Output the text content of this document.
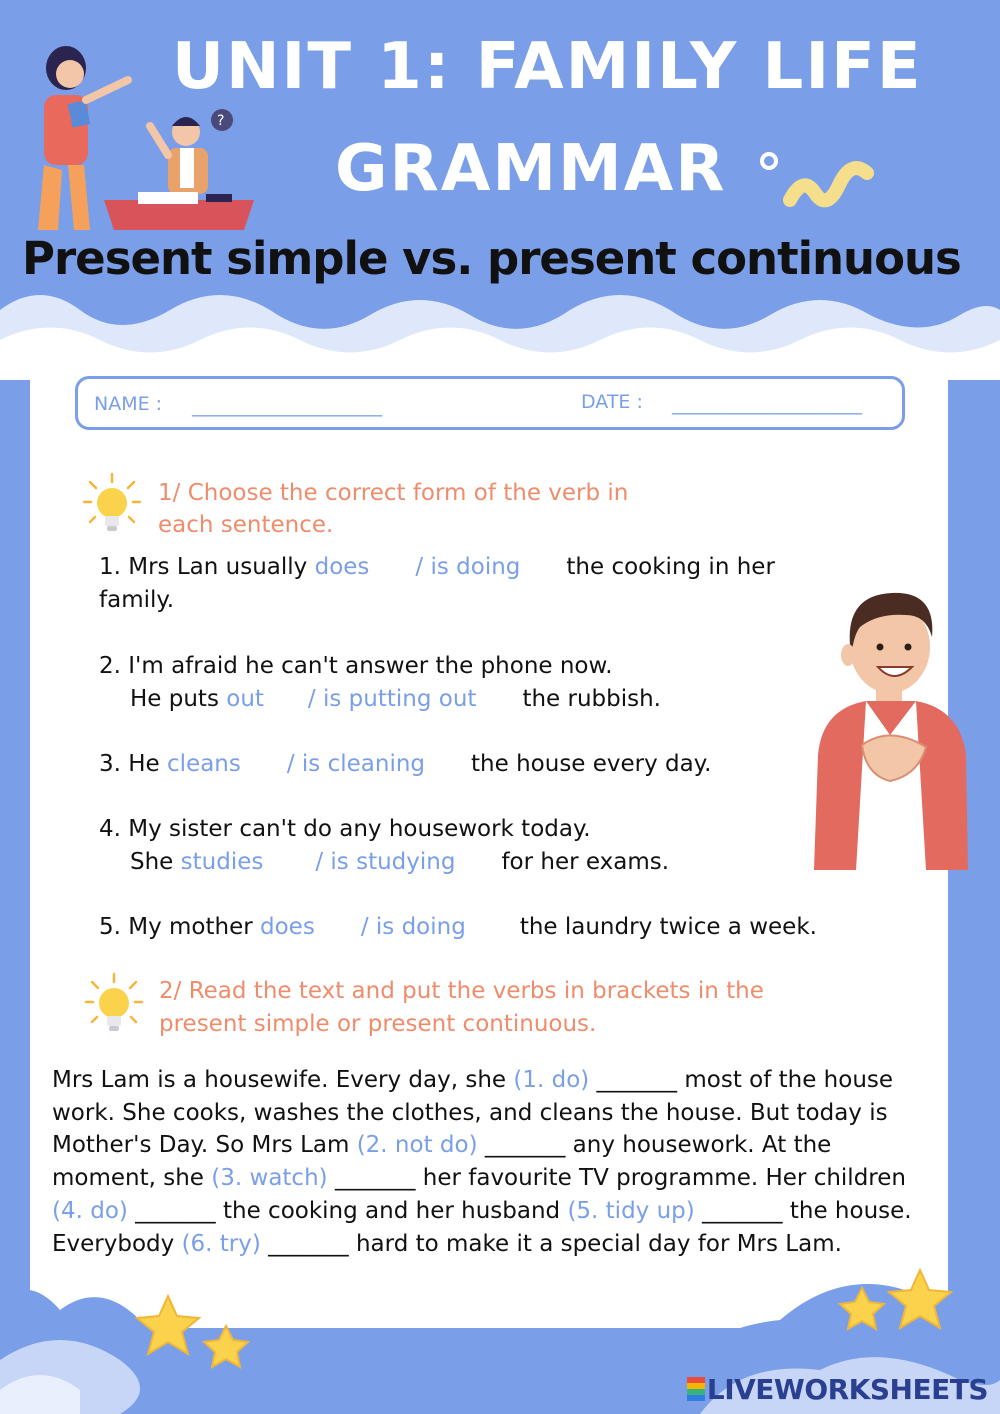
?
UNIT 1: FAMILY LIFE
GRAMMAR
Present simple vs. present continuous
NAME : ____________________	DATE : ____________________
1/ Choose the correct form of the verb in
each sentence.
1. Mrs Lan usually does / is doing the cooking in her
family.
2. I'm afraid he can't answer the phone now.
He puts out / is putting out the rubbish.
3. He cleans / is cleaning the house every day.
4. My sister can't do any housework today.
She studies / is studying for her exams.
5. My mother does / is doing the laundry twice a week.
2/ Read the text and put the verbs in brackets in the
present simple or present continuous.
Mrs Lam is a housewife. Every day, she (1. do) _______ most of the house work. She cooks, washes the clothes, and cleans the house. But today is Mother's Day. So Mrs Lam (2. not do) _______ any housework. At the moment, she (3. watch) _______ her favourite TV programme. Her children (4. do) _______ the cooking and her husband (5. tidy up) _______ the house. Everybody (6. try) _______ hard to make it a special day for Mrs Lam.
LIVEWORKSHEETS
